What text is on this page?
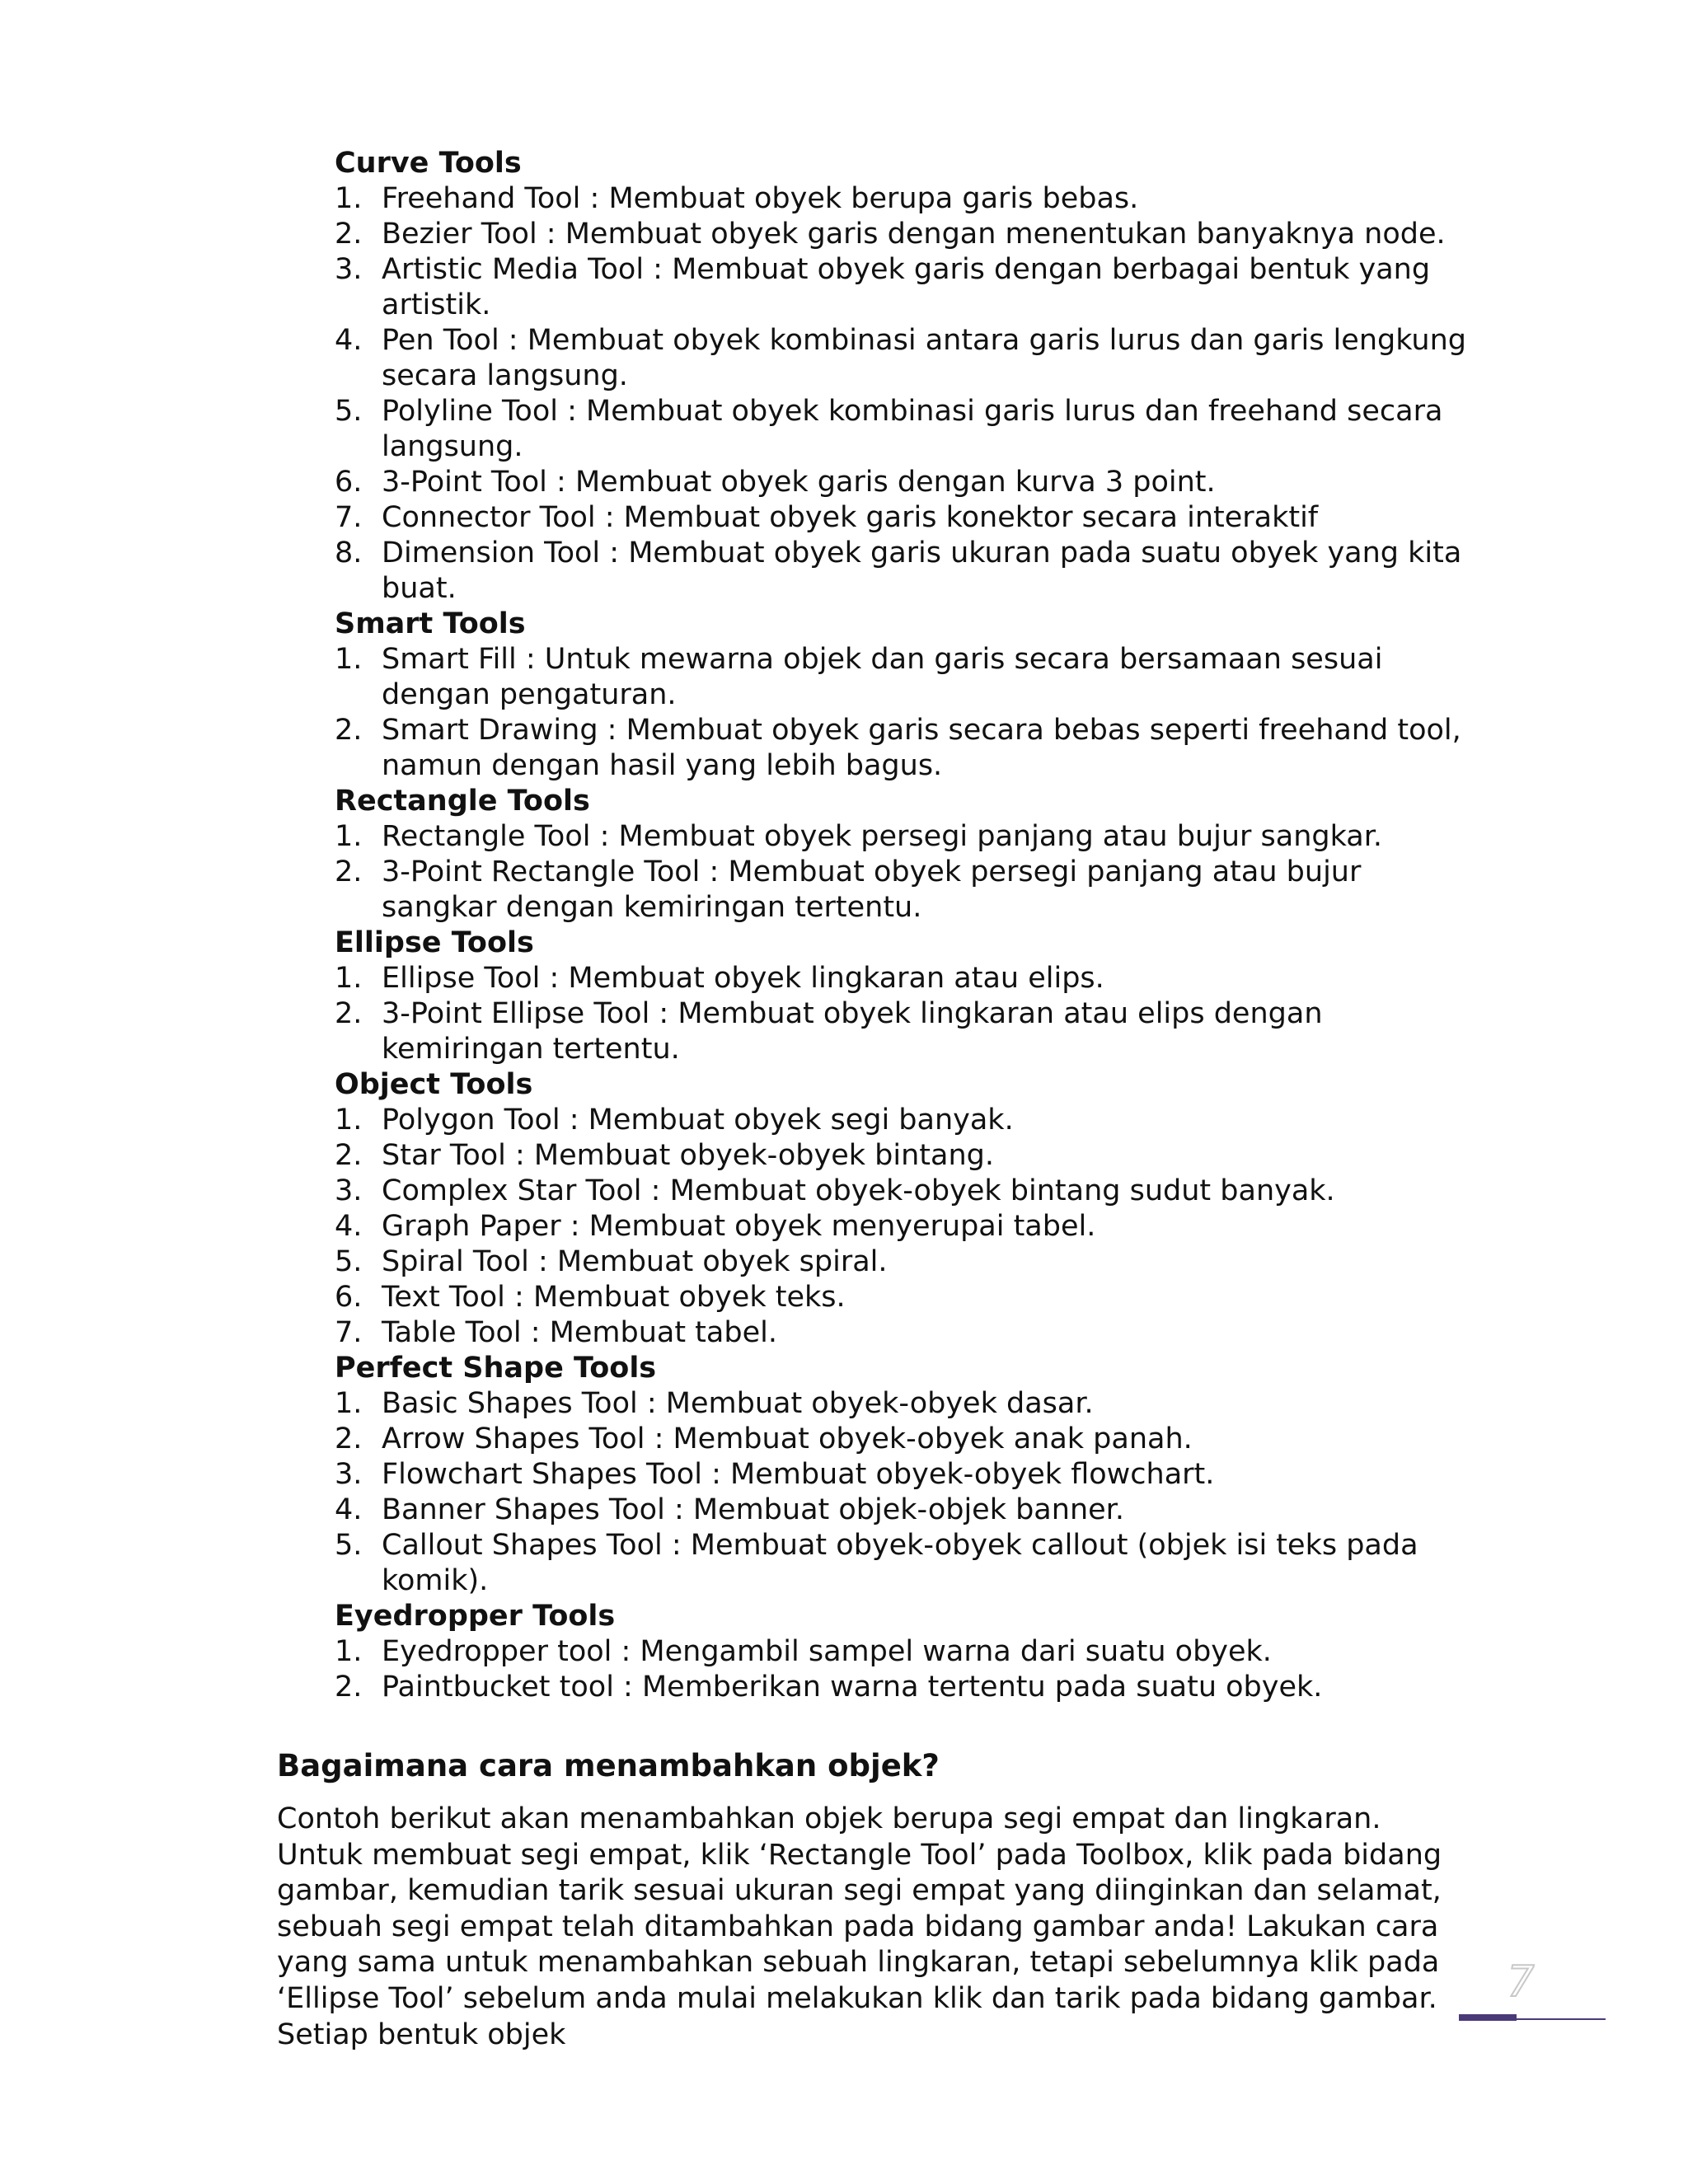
Curve Tools
1. Freehand Tool : Membuat obyek berupa garis bebas.
2. Bezier Tool : Membuat obyek garis dengan menentukan banyaknya node.
3. Artistic Media Tool : Membuat obyek garis dengan berbagai bentuk yang artistik.
4. Pen Tool : Membuat obyek kombinasi antara garis lurus dan garis lengkung secara langsung.
5. Polyline Tool : Membuat obyek kombinasi garis lurus dan freehand secara langsung.
6. 3-Point Tool : Membuat obyek garis dengan kurva 3 point.
7. Connector Tool : Membuat obyek garis konektor secara interaktif
8. Dimension Tool : Membuat obyek garis ukuran pada suatu obyek yang kita buat.
Smart Tools
1. Smart Fill : Untuk mewarna objek dan garis secara bersamaan sesuai dengan pengaturan.
2. Smart Drawing : Membuat obyek garis secara bebas seperti freehand tool, namun dengan hasil yang lebih bagus.
Rectangle Tools
1. Rectangle Tool : Membuat obyek persegi panjang atau bujur sangkar.
2. 3-Point Rectangle Tool : Membuat obyek persegi panjang atau bujur sangkar dengan kemiringan tertentu.
Ellipse Tools
1. Ellipse Tool : Membuat obyek lingkaran atau elips.
2. 3-Point Ellipse Tool : Membuat obyek lingkaran atau elips dengan kemiringan tertentu.
Object Tools
1. Polygon Tool : Membuat obyek segi banyak.
2. Star Tool : Membuat obyek-obyek bintang.
3. Complex Star Tool : Membuat obyek-obyek bintang sudut banyak.
4. Graph Paper : Membuat obyek menyerupai tabel.
5. Spiral Tool : Membuat obyek spiral.
6. Text Tool : Membuat obyek teks.
7. Table Tool : Membuat tabel.
Perfect Shape Tools
1. Basic Shapes Tool : Membuat obyek-obyek dasar.
2. Arrow Shapes Tool : Membuat obyek-obyek anak panah.
3. Flowchart Shapes Tool : Membuat obyek-obyek flowchart.
4. Banner Shapes Tool : Membuat objek-objek banner.
5. Callout Shapes Tool : Membuat obyek-obyek callout (objek isi teks pada komik).
Eyedropper Tools
1. Eyedropper tool : Mengambil sampel warna dari suatu obyek.
2. Paintbucket tool : Memberikan warna tertentu pada suatu obyek.
Bagaimana cara menambahkan objek?
Contoh berikut akan menambahkan objek berupa segi empat dan lingkaran. Untuk membuat segi empat, klik ‘Rectangle Tool’ pada Toolbox, klik pada bidang gambar, kemudian tarik sesuai ukuran segi empat yang diinginkan dan selamat, sebuah segi empat telah ditambahkan pada bidang gambar anda! Lakukan cara yang sama untuk menambahkan sebuah lingkaran, tetapi sebelumnya klik pada ‘Ellipse Tool’ sebelum anda mulai melakukan klik dan tarik pada bidang gambar. Setiap bentuk objek
7
